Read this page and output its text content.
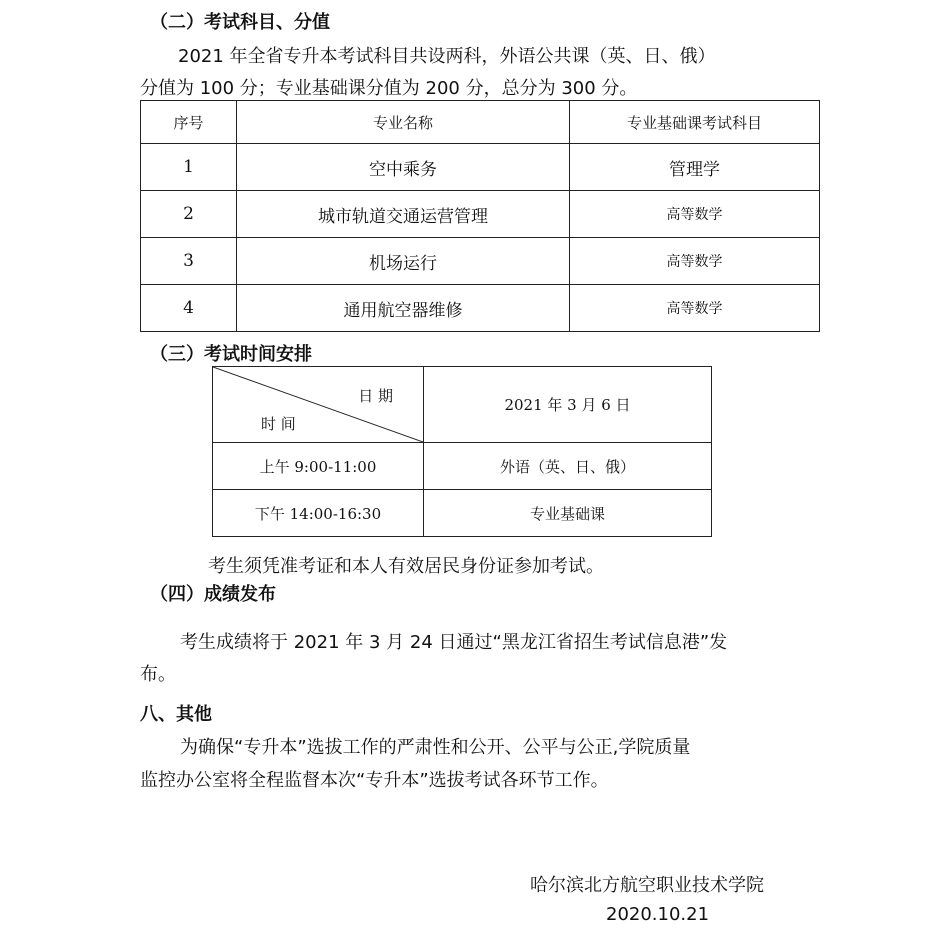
（二）考试科目、分值
2021 年全省专升本考试科目共设两科，外语公共课（英、日、俄）
分值为 100 分；专业基础课分值为 200 分，总分为 300 分。
序号	专业名称	专业基础课考试科目
1	空中乘务	管理学
2	城市轨道交通运营管理	高等数学
3	机场运行	高等数学
4	通用航空器维修	高等数学
（三）考试时间安排
日 期
时 间	2021 年 3 月 6 日
上午 9:00-11:00	外语（英、日、俄）
下午 14:00-16:30	专业基础课
考生须凭准考证和本人有效居民身份证参加考试。
（四）成绩发布
考生成绩将于 2021 年 3 月 24 日通过“黑龙江省招生考试信息港”发
布。
八、其他
为确保“专升本”选拔工作的严肃性和公开、公平与公正,学院质量
监控办公室将全程监督本次“专升本”选拔考试各环节工作。
哈尔滨北方航空职业技术学院
2020.10.21
